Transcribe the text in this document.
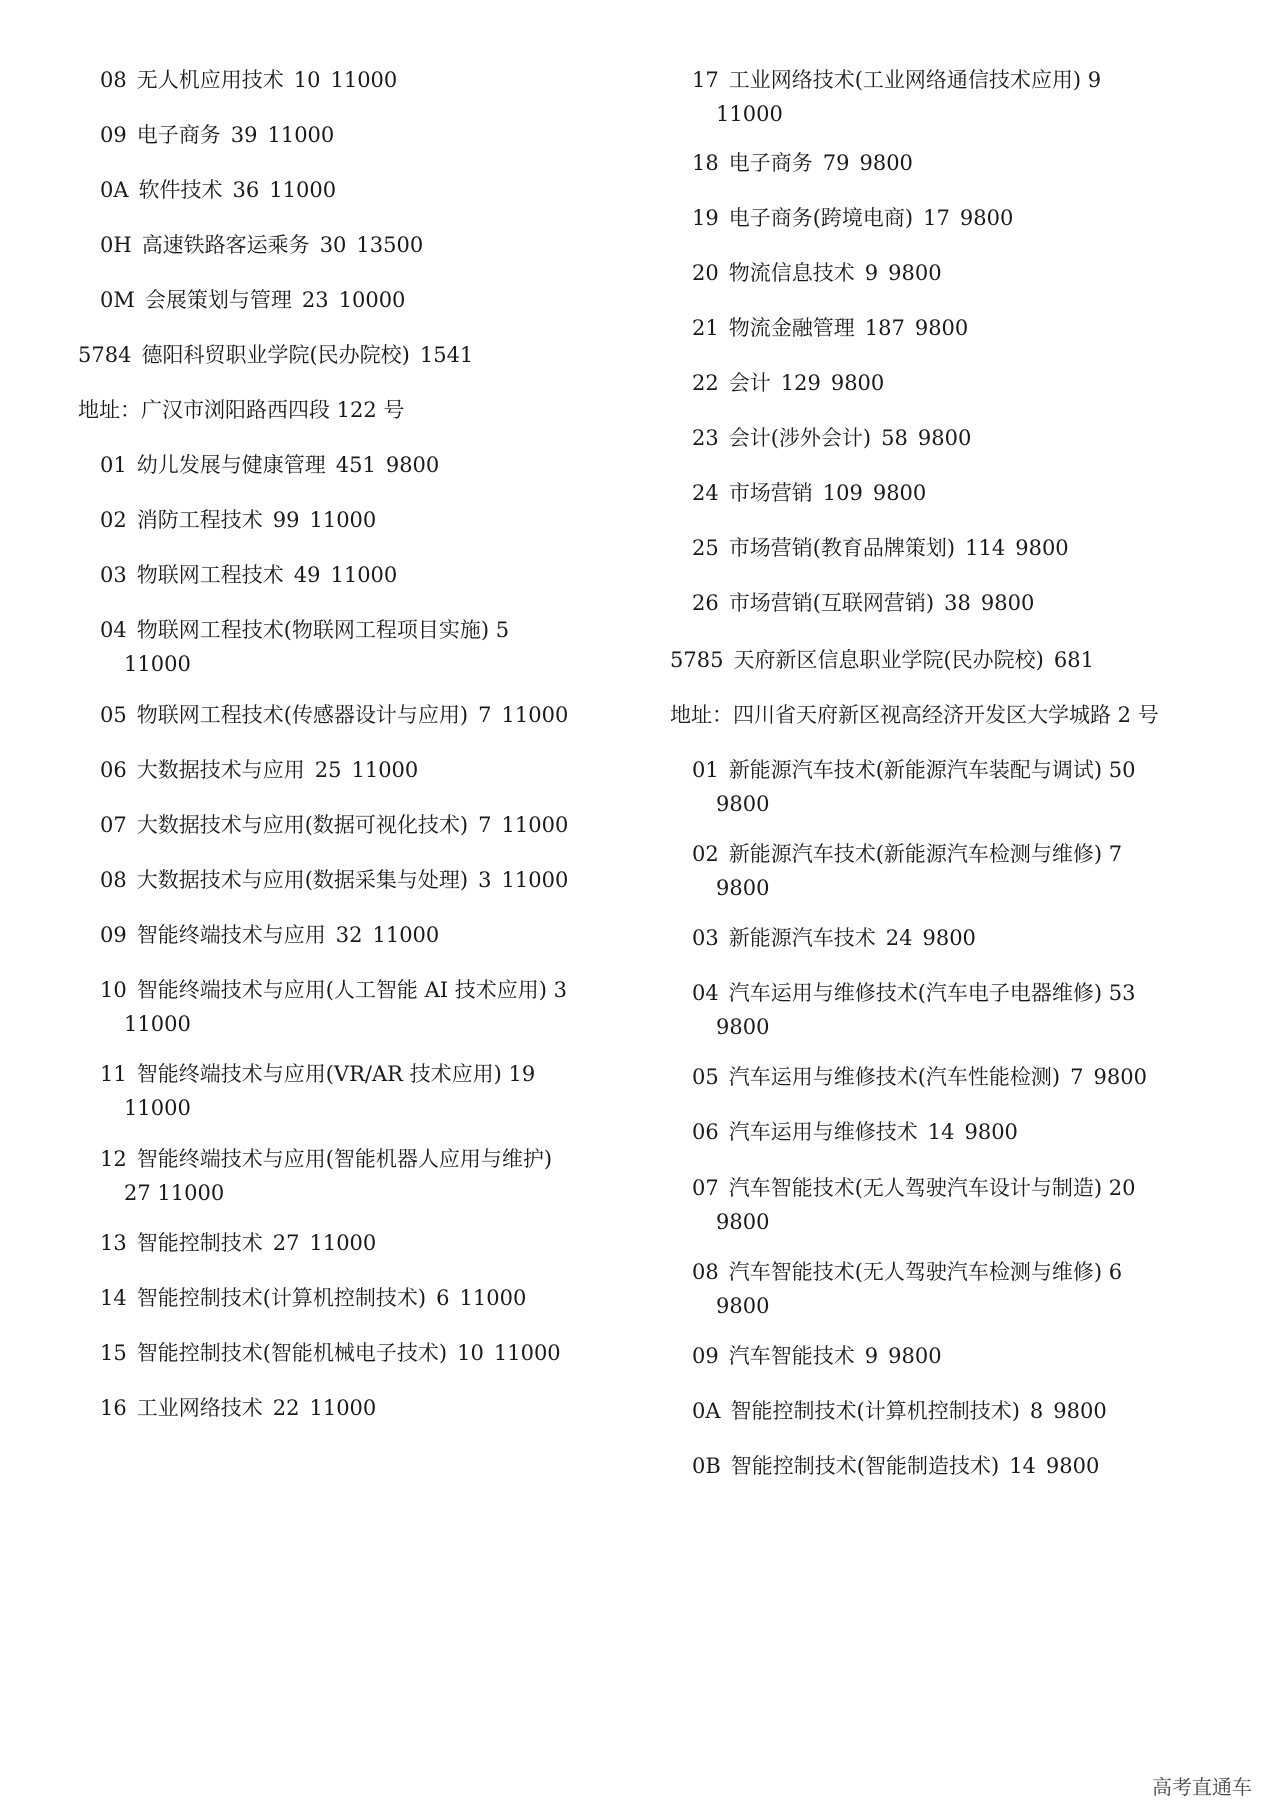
08 无人机应用技术 10 11000
09 电子商务 39 11000
0A 软件技术 36 11000
0H 高速铁路客运乘务 30 13500
0M 会展策划与管理 23 10000
5784 德阳科贸职业学院(民办院校) 1541
地址：广汉市浏阳路西四段 122 号
01 幼儿发展与健康管理 451 9800
02 消防工程技术 99 11000
03 物联网工程技术 49 11000
04 物联网工程技术(物联网工程项目实施) 5
11000
05 物联网工程技术(传感器设计与应用) 7 11000
06 大数据技术与应用 25 11000
07 大数据技术与应用(数据可视化技术) 7 11000
08 大数据技术与应用(数据采集与处理) 3 11000
09 智能终端技术与应用 32 11000
10 智能终端技术与应用(人工智能 AI 技术应用) 3
11000
11 智能终端技术与应用(VR/AR 技术应用) 19
11000
12 智能终端技术与应用(智能机器人应用与维护)
27 11000
13 智能控制技术 27 11000
14 智能控制技术(计算机控制技术) 6 11000
15 智能控制技术(智能机械电子技术) 10 11000
16 工业网络技术 22 11000
17 工业网络技术(工业网络通信技术应用) 9
11000
18 电子商务 79 9800
19 电子商务(跨境电商) 17 9800
20 物流信息技术 9 9800
21 物流金融管理 187 9800
22 会计 129 9800
23 会计(涉外会计) 58 9800
24 市场营销 109 9800
25 市场营销(教育品牌策划) 114 9800
26 市场营销(互联网营销) 38 9800
5785 天府新区信息职业学院(民办院校) 681
地址：四川省天府新区视高经济开发区大学城路 2 号
01 新能源汽车技术(新能源汽车装配与调试) 50
9800
02 新能源汽车技术(新能源汽车检测与维修) 7
9800
03 新能源汽车技术 24 9800
04 汽车运用与维修技术(汽车电子电器维修) 53
9800
05 汽车运用与维修技术(汽车性能检测) 7 9800
06 汽车运用与维修技术 14 9800
07 汽车智能技术(无人驾驶汽车设计与制造) 20
9800
08 汽车智能技术(无人驾驶汽车检测与维修) 6
9800
09 汽车智能技术 9 9800
0A 智能控制技术(计算机控制技术) 8 9800
0B 智能控制技术(智能制造技术) 14 9800
高考直通车
